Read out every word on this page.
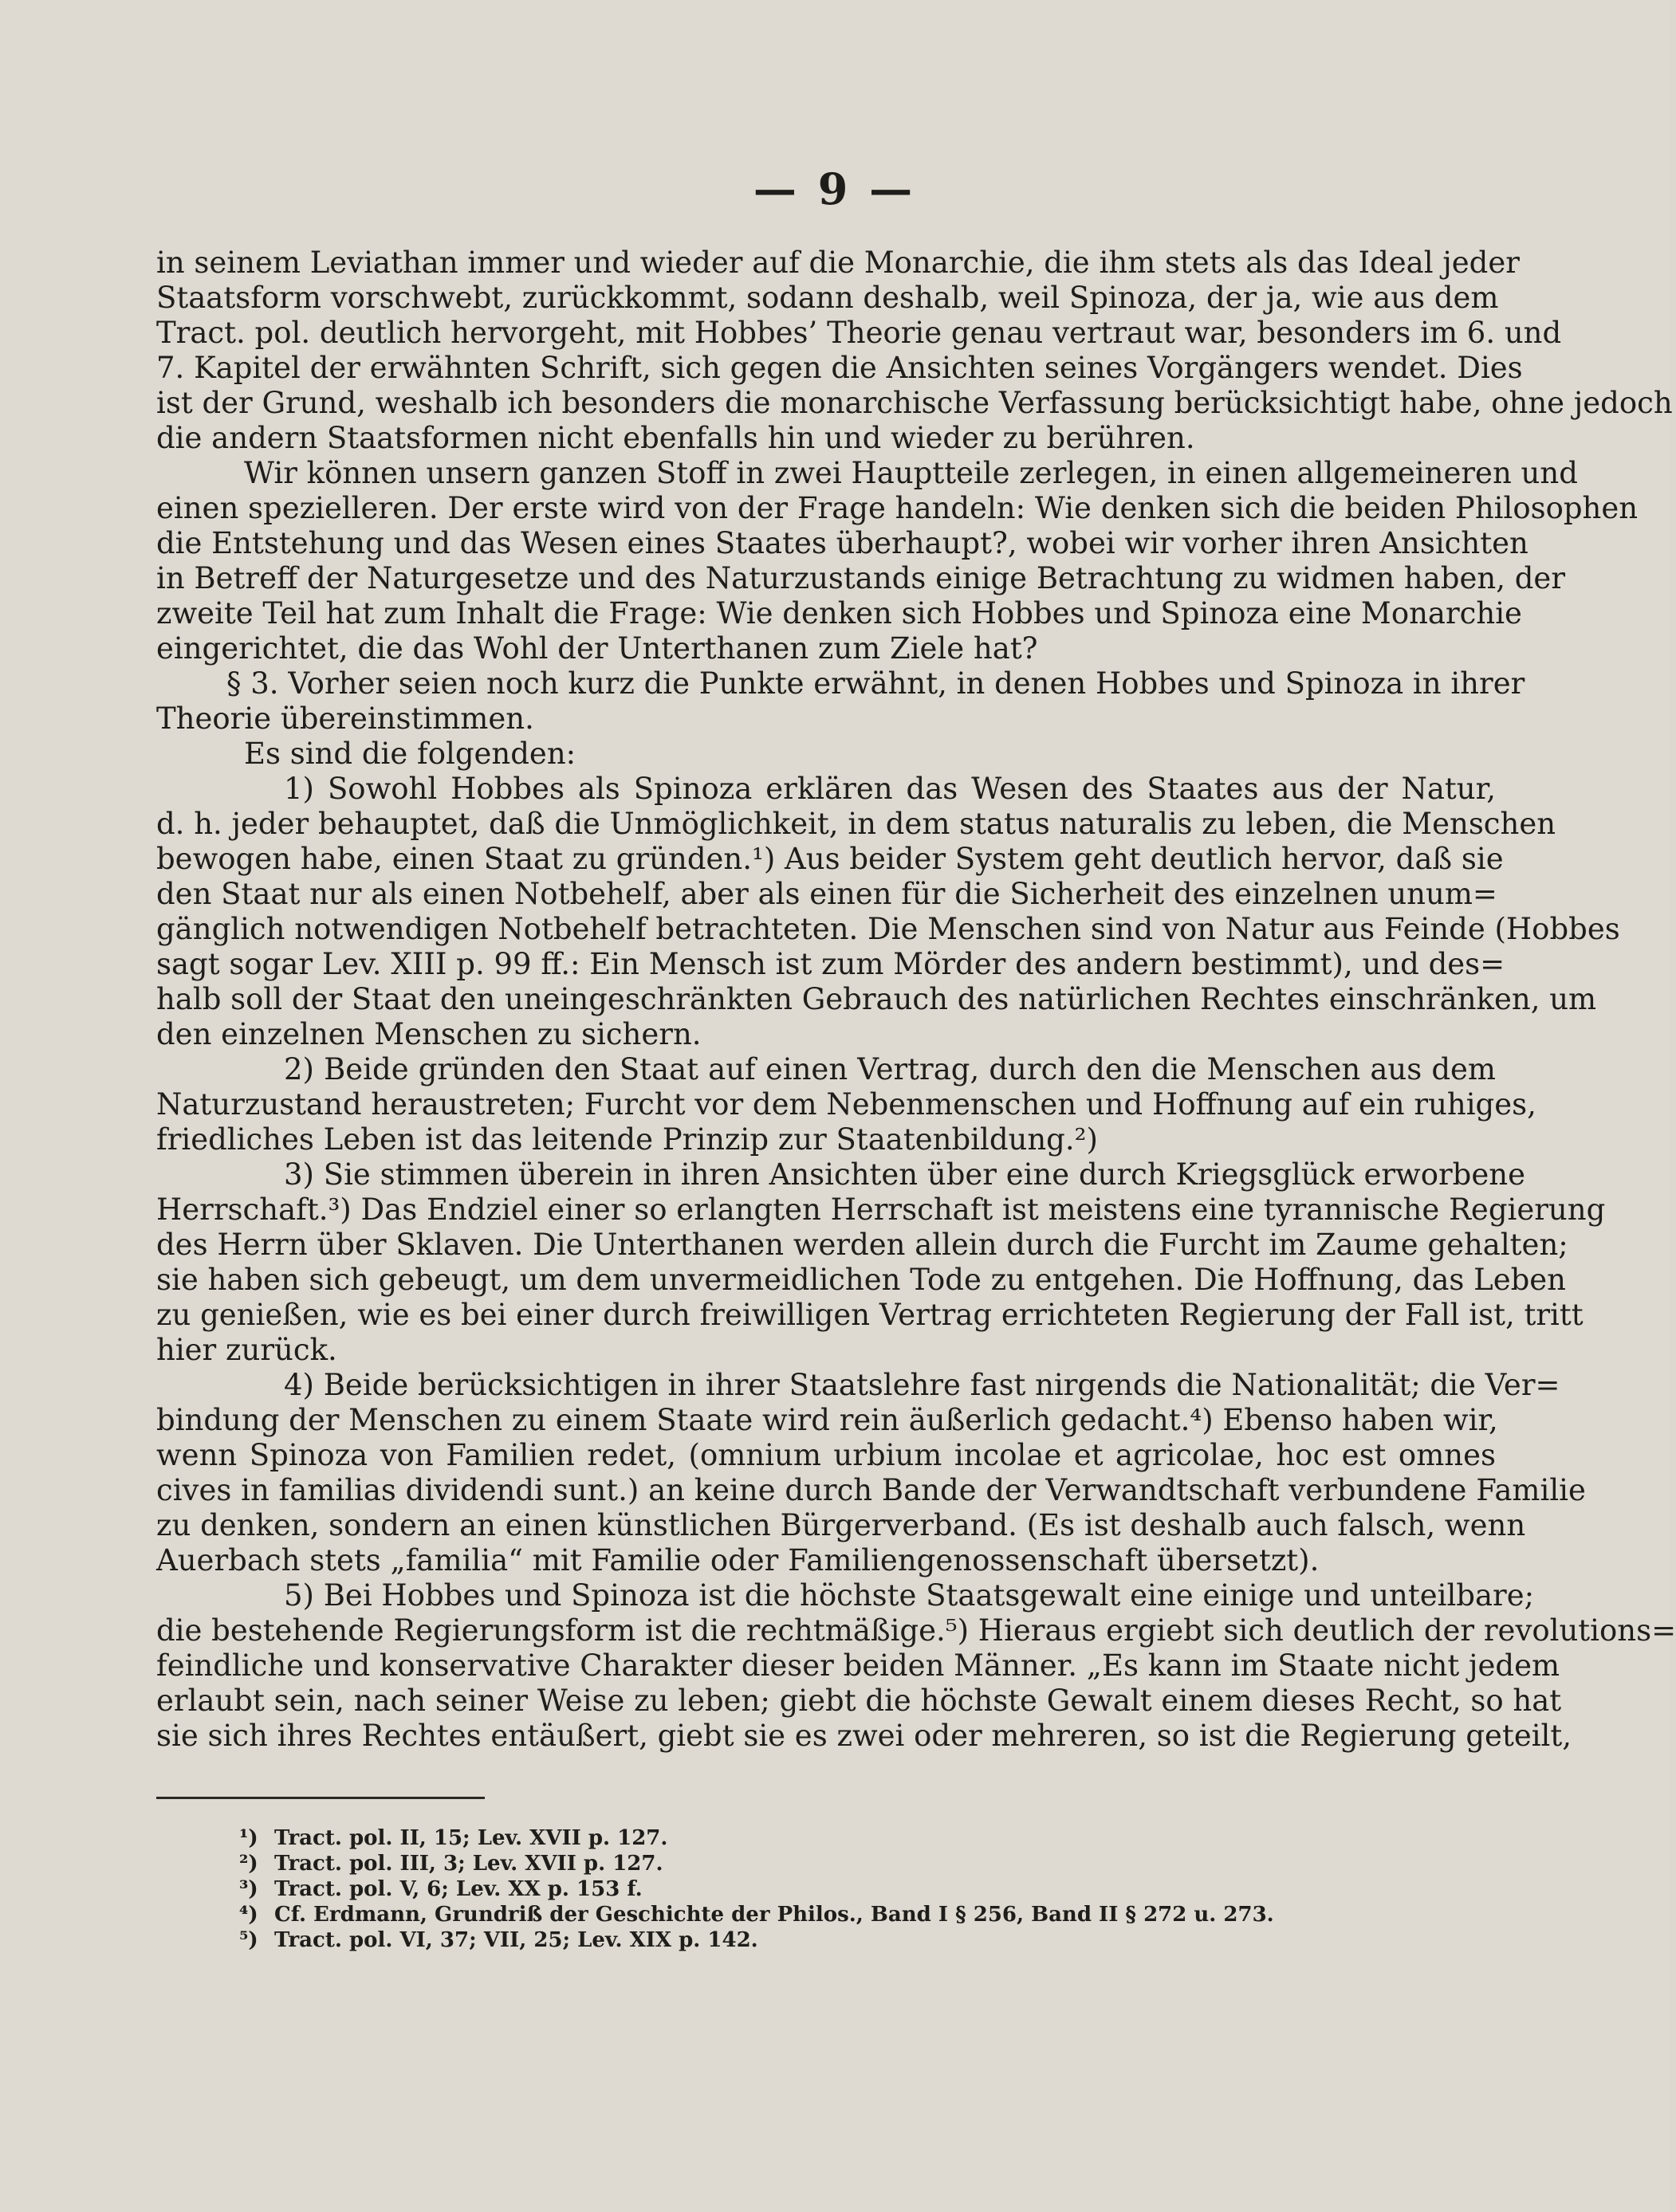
— 9 —
in seinem Leviathan immer und wieder auf die Monarchie, die ihm stets als das Ideal jeder
Staatsform vorschwebt, zurückkommt, sodann deshalb, weil Spinoza, der ja, wie aus dem
Tract. pol. deutlich hervorgeht, mit Hobbes’ Theorie genau vertraut war, besonders im 6. und
7. Kapitel der erwähnten Schrift, sich gegen die Ansichten seines Vorgängers wendet. Dies
ist der Grund, weshalb ich besonders die monarchische Verfassung berücksichtigt habe, ohne jedoch
die andern Staatsformen nicht ebenfalls hin und wieder zu berühren.
Wir können unsern ganzen Stoff in zwei Hauptteile zerlegen, in einen allgemeineren und
einen spezielleren. Der erste wird von der Frage handeln: Wie denken sich die beiden Philosophen
die Entstehung und das Wesen eines Staates überhaupt?, wobei wir vorher ihren Ansichten
in Betreff der Naturgesetze und des Naturzustands einige Betrachtung zu widmen haben, der
zweite Teil hat zum Inhalt die Frage: Wie denken sich Hobbes und Spinoza eine Monarchie
eingerichtet, die das Wohl der Unterthanen zum Ziele hat?
§ 3. Vorher seien noch kurz die Punkte erwähnt, in denen Hobbes und Spinoza in ihrer
Theorie übereinstimmen.
Es sind die folgenden:
1) Sowohl Hobbes als Spinoza erklären das Wesen des Staates aus der Natur,
d. h. jeder behauptet, daß die Unmöglichkeit, in dem status naturalis zu leben, die Menschen
bewogen habe, einen Staat zu gründen.¹) Aus beider System geht deutlich hervor, daß sie
den Staat nur als einen Notbehelf, aber als einen für die Sicherheit des einzelnen unum=
gänglich notwendigen Notbehelf betrachteten. Die Menschen sind von Natur aus Feinde (Hobbes
sagt sogar Lev. XIII p. 99 ff.: Ein Mensch ist zum Mörder des andern bestimmt), und des=
halb soll der Staat den uneingeschränkten Gebrauch des natürlichen Rechtes einschränken, um
den einzelnen Menschen zu sichern.
2) Beide gründen den Staat auf einen Vertrag, durch den die Menschen aus dem
Naturzustand heraustreten; Furcht vor dem Nebenmenschen und Hoffnung auf ein ruhiges,
friedliches Leben ist das leitende Prinzip zur Staatenbildung.²)
3) Sie stimmen überein in ihren Ansichten über eine durch Kriegsglück erworbene
Herrschaft.³) Das Endziel einer so erlangten Herrschaft ist meistens eine tyrannische Regierung
des Herrn über Sklaven. Die Unterthanen werden allein durch die Furcht im Zaume gehalten;
sie haben sich gebeugt, um dem unvermeidlichen Tode zu entgehen. Die Hoffnung, das Leben
zu genießen, wie es bei einer durch freiwilligen Vertrag errichteten Regierung der Fall ist, tritt
hier zurück.
4) Beide berücksichtigen in ihrer Staatslehre fast nirgends die Nationalität; die Ver=
bindung der Menschen zu einem Staate wird rein äußerlich gedacht.⁴) Ebenso haben wir,
wenn Spinoza von Familien redet, (omnium urbium incolae et agricolae, hoc est omnes
cives in familias dividendi sunt.) an keine durch Bande der Verwandtschaft verbundene Familie
zu denken, sondern an einen künstlichen Bürgerverband. (Es ist deshalb auch falsch, wenn
Auerbach stets „familia“ mit Familie oder Familiengenossenschaft übersetzt).
5) Bei Hobbes und Spinoza ist die höchste Staatsgewalt eine einige und unteilbare;
die bestehende Regierungsform ist die rechtmäßige.⁵) Hieraus ergiebt sich deutlich der revolutions=
feindliche und konservative Charakter dieser beiden Männer. „Es kann im Staate nicht jedem
erlaubt sein, nach seiner Weise zu leben; giebt die höchste Gewalt einem dieses Recht, so hat
sie sich ihres Rechtes entäußert, giebt sie es zwei oder mehreren, so ist die Regierung geteilt,
¹) Tract. pol. II, 15; Lev. XVII p. 127.
²) Tract. pol. III, 3; Lev. XVII p. 127.
³) Tract. pol. V, 6; Lev. XX p. 153 f.
⁴) Cf. Erdmann, Grundriß der Geschichte der Philos., Band I § 256, Band II § 272 u. 273.
⁵) Tract. pol. VI, 37; VII, 25; Lev. XIX p. 142.
